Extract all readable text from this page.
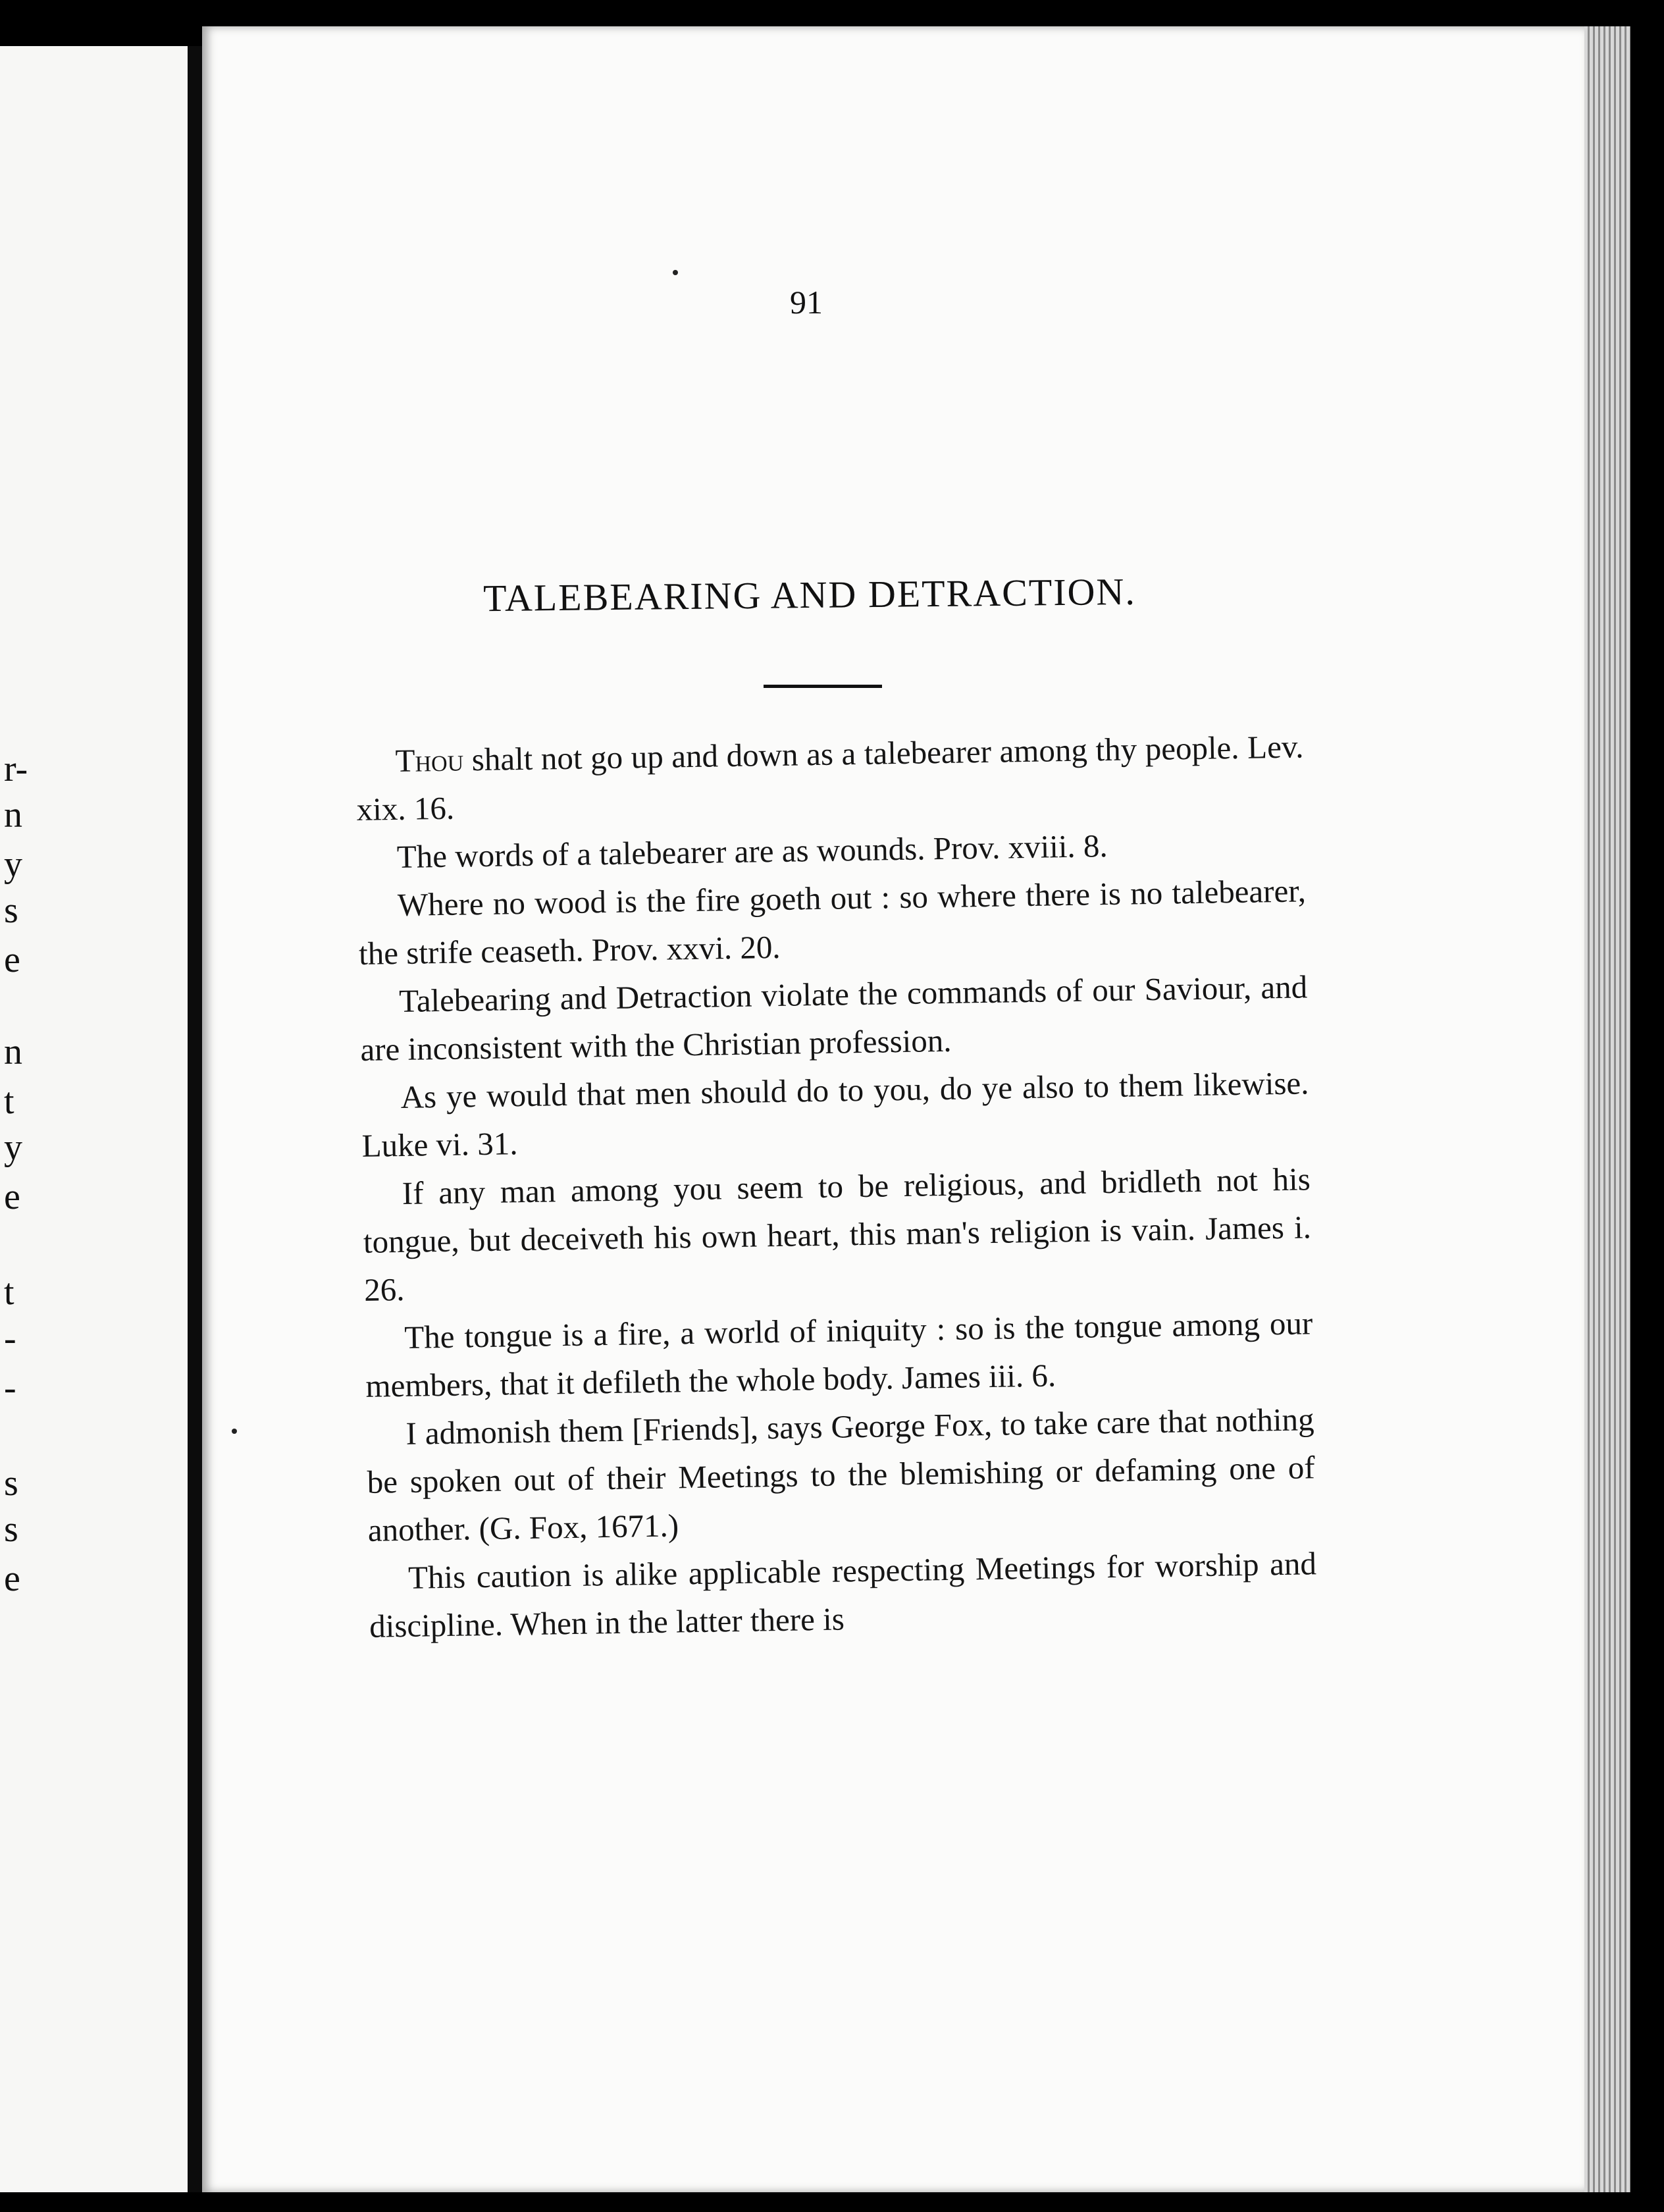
r-
n
y
s
e
n
t
y
e
t
-
-
s
s
e
91
TALEBEARING AND DETRACTION.

Thou shalt not go up and down as a talebearer among thy people. Lev. xix. 16.

The words of a talebearer are as wounds. Prov. xviii. 8.

Where no wood is the fire goeth out : so where there is no talebearer, the strife ceaseth. Prov. xxvi. 20.

Talebearing and Detraction violate the commands of our Saviour, and are inconsistent with the Christian profession.

As ye would that men should do to you, do ye also to them likewise. Luke vi. 31.

If any man among you seem to be religious, and bridleth not his tongue, but deceiveth his own heart, this man's religion is vain. James i. 26.

The tongue is a fire, a world of iniquity : so is the tongue among our members, that it defileth the whole body. James iii. 6.

I admonish them [Friends], says George Fox, to take care that nothing be spoken out of their Meetings to the blemishing or defaming one of another. (G. Fox, 1671.)

This caution is alike applicable respecting Meetings for worship and discipline. When in the latter there is
